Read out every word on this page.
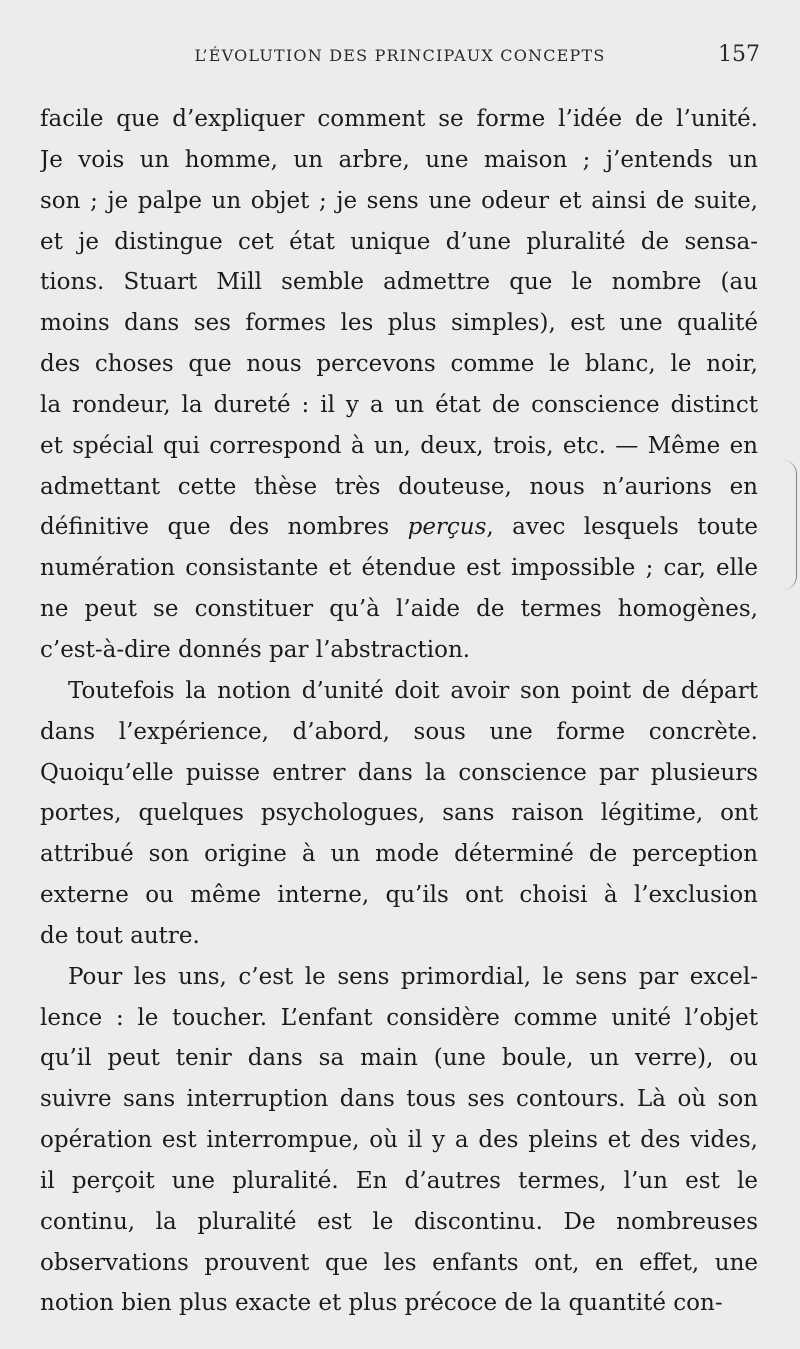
L’ÉVOLUTION DES PRINCIPAUX CONCEPTS	157
facile que d’expliquer comment se forme l’idée de l’unité.
Je vois un homme, un arbre, une maison ; j’entends un
son ; je palpe un objet ; je sens une odeur et ainsi de suite,
et je distingue cet état unique d’une pluralité de sensa-
tions. Stuart Mill semble admettre que le nombre (au
moins dans ses formes les plus simples), est une qualité
des choses que nous percevons comme le blanc, le noir,
la rondeur, la dureté : il y a un état de conscience distinct
et spécial qui correspond à un, deux, trois, etc. — Même en
admettant cette thèse très douteuse, nous n’aurions en
définitive que des nombres perçus, avec lesquels toute
numération consistante et étendue est impossible ; car, elle
ne peut se constituer qu’à l’aide de termes homogènes,
c’est-à-dire donnés par l’abstraction.
Toutefois la notion d’unité doit avoir son point de départ
dans l’expérience, d’abord, sous une forme concrète.
Quoiqu’elle puisse entrer dans la conscience par plusieurs
portes, quelques psychologues, sans raison légitime, ont
attribué son origine à un mode déterminé de perception
externe ou même interne, qu’ils ont choisi à l’exclusion
de tout autre.
Pour les uns, c’est le sens primordial, le sens par excel-
lence : le toucher. L’enfant considère comme unité l’objet
qu’il peut tenir dans sa main (une boule, un verre), ou
suivre sans interruption dans tous ses contours. Là où son
opération est interrompue, où il y a des pleins et des vides,
il perçoit une pluralité. En d’autres termes, l’un est le
continu, la pluralité est le discontinu. De nombreuses
observations prouvent que les enfants ont, en effet, une
notion bien plus exacte et plus précoce de la quantité con-
